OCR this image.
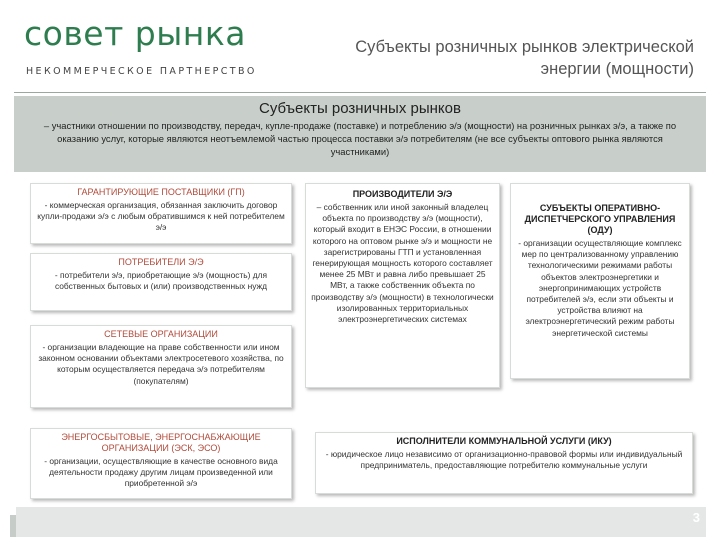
совет рынка
НЕКОММЕРЧЕСКОЕ ПАРТНЕРСТВО
Субъекты розничных рынков электрической энергии (мощности)
Субъекты розничных рынков
– участники отношении по производству, передач, купле-продаже (поставке) и потреблению э/э (мощности) на розничных рынках э/э, а также по оказанию услуг, которые являются неотъемлемой частью процесса поставки э/э потребителям (не все субъекты оптового рынка являются участниками)
ГАРАНТИРУЮЩИЕ ПОСТАВЩИКИ (ГП)
- коммерческая организация, обязанная заключить договор купли-продажи э/э с любым обратившимся к ней потребителем э/э
ПОТРЕБИТЕЛИ Э/Э
- потребители э/э, приобретающие э/э (мощность) для собственных бытовых и (или) производственных нужд
СЕТЕВЫЕ ОРГАНИЗАЦИИ
- организации владеющие на праве собственности или ином законном основании объектами электросетевого хозяйства, по которым осуществляется передача э/э потребителям (покупателям)
ЭНЕРГОСБЫТОВЫЕ, ЭНЕРГОСНАБЖАЮЩИЕ ОРГАНИЗАЦИИ (ЭСК, ЭСО)
- организации, осуществляющие в качестве основного вида деятельности продажу другим лицам произведенной или приобретенной э/э
ПРОИЗВОДИТЕЛИ Э/Э
– собственник или иной законный владелец объекта по производству э/э (мощности), который входит в ЕНЭС России, в отношении которого на оптовом рынке э/э и мощности не зарегистрированы ГТП и установленная генерирующая мощность которого составляет менее 25 МВт и равна либо превышает 25 МВт, а также собственник объекта по производству э/э (мощности) в технологически изолированных территориальных электроэнергетических системах
СУБЪЕКТЫ ОПЕРАТИВНО-ДИСПЕТЧЕРСКОГО УПРАВЛЕНИЯ (ОДУ)
- организации осуществляющие комплекс мер по централизованному управлению технологическими режимами работы объектов электроэнергетики и энергопринимающих устройств потребителей э/э, если эти объекты и устройства влияют на электроэнергетический режим работы энергетической системы
ИСПОЛНИТЕЛИ КОММУНАЛЬНОЙ УСЛУГИ (ИКУ)
- юридическое лицо независимо от организационно-правовой формы или индивидуальный предприниматель, предоставляющие потребителю коммунальные услуги
3
